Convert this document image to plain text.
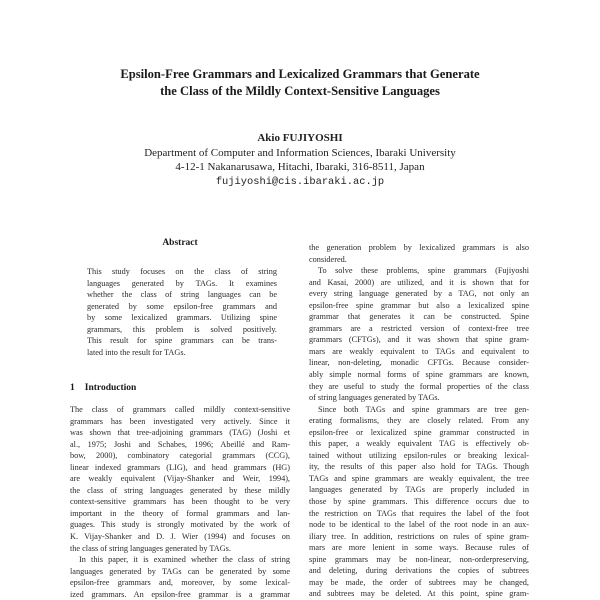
Epsilon-Free Grammars and Lexicalized Grammars that Generate
the Class of the Mildly Context-Sensitive Languages
Akio FUJIYOSHI
Department of Computer and Information Sciences, Ibaraki University
4-12-1 Nakanarusawa, Hitachi, Ibaraki, 316-8511, Japan
fujiyoshi@cis.ibaraki.ac.jp
Abstract
This study focuses on the class of string
languages generated by TAGs. It examines
whether the class of string languages can be
generated by some epsilon-free grammars and
by some lexicalized grammars. Utilizing spine
grammars, this problem is solved positively.
This result for spine grammars can be trans-
lated into the result for TAGs.
1 Introduction
The class of grammars called mildly context-sensitive
grammars has been investigated very actively. Since it
was shown that tree-adjoining grammars (TAG) (Joshi et
al., 1975; Joshi and Schabes, 1996; Abeillé and Ram-
bow, 2000), combinatory categorial grammars (CCG),
linear indexed grammars (LIG), and head grammars (HG)
are weakly equivalent (Vijay-Shanker and Weir, 1994),
the class of string languages generated by these mildly
context-sensitive grammars has been thought to be very
important in the theory of formal grammars and lan-
guages. This study is strongly motivated by the work of
K. Vijay-Shanker and D. J. Wier (1994) and focuses on
the class of string languages generated by TAGs.
In this paper, it is examined whether the class of string
languages generated by TAGs can be generated by some
epsilon-free grammars and, moreover, by some lexical-
ized grammars. An epsilon-free grammar is a grammar
the generation problem by lexicalized grammars is also
considered.
To solve these problems, spine grammars (Fujiyoshi
and Kasai, 2000) are utilized, and it is shown that for
every string language generated by a TAG, not only an
epsilon-free spine grammar but also a lexicalized spine
grammar that generates it can be constructed. Spine
grammars are a restricted version of context-free tree
grammars (CFTGs), and it was shown that spine gram-
mars are weakly equivalent to TAGs and equivalent to
linear, non-deleting, monadic CFTGs. Because consider-
ably simple normal forms of spine grammars are known,
they are useful to study the formal properties of the class
of string languages generated by TAGs.
Since both TAGs and spine grammars are tree gen-
erating formalisms, they are closely related. From any
epsilon-free or lexicalized spine grammar constructed in
this paper, a weakly equivalent TAG is effectively ob-
tained without utilizing epsilon-rules or breaking lexical-
ity, the results of this paper also hold for TAGs. Though
TAGs and spine grammars are weakly equivalent, the tree
languages generated by TAGs are properly included in
those by spine grammars. This difference occurs due to
the restriction on TAGs that requires the label of the foot
node to be identical to the label of the root node in an aux-
iliary tree. In addition, restrictions on rules of spine gram-
mars are more lenient in some ways. Because rules of
spine grammars may be non-linear, non-orderpreserving,
and deleting, during derivations the copies of subtrees
may be made, the order of subtrees may be changed,
and subtrees may be deleted. At this point, spine gram-
